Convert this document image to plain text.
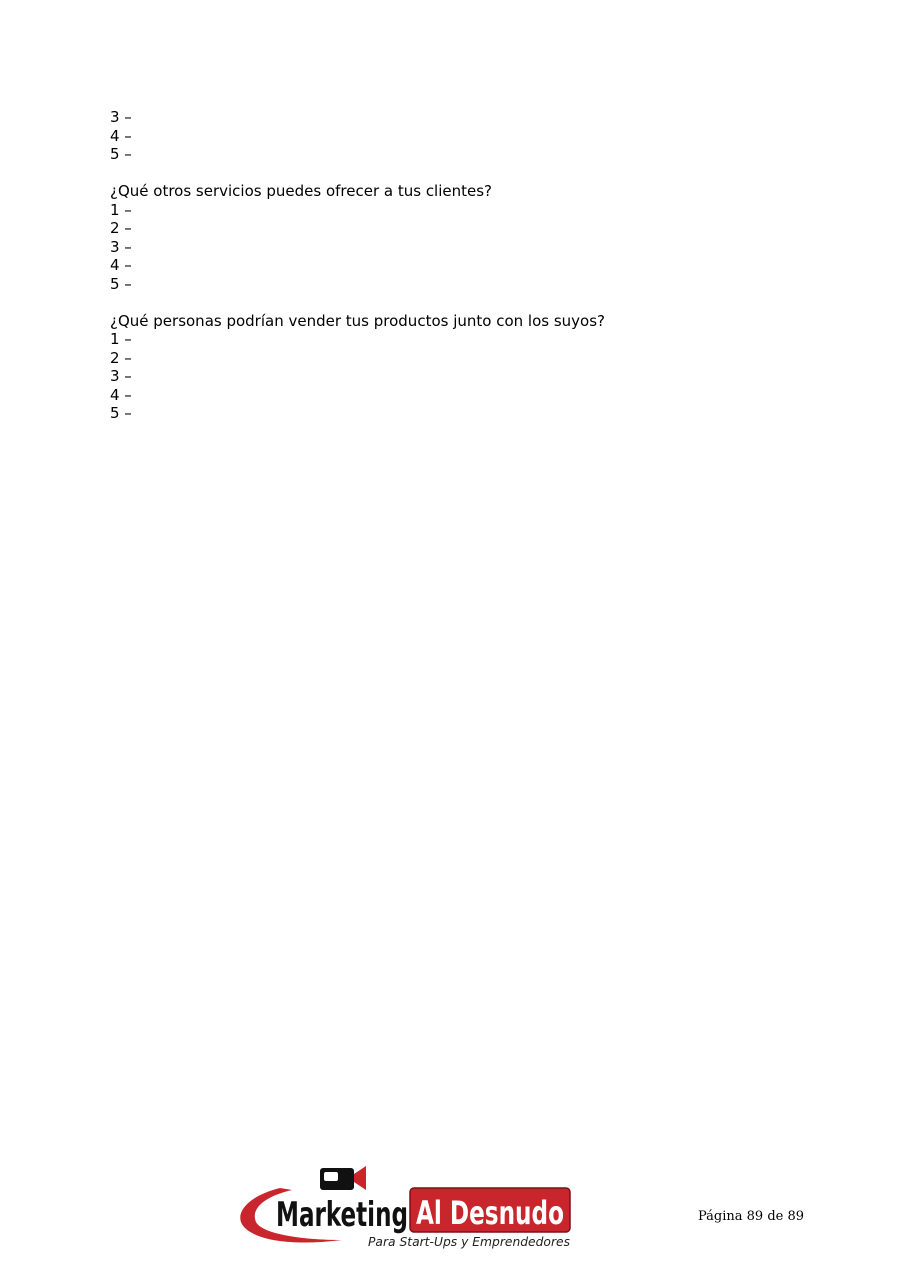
3 –
4 –
5 –
¿Qué otros servicios puedes ofrecer a tus clientes?
1 –
2 –
3 –
4 –
5 –
¿Qué personas podrían vender tus productos junto con los suyos?
1 –
2 –
3 –
4 –
5 –
Marketing Al Desnudo
Para Start-Ups y Emprendedores
Página 89 de 89
